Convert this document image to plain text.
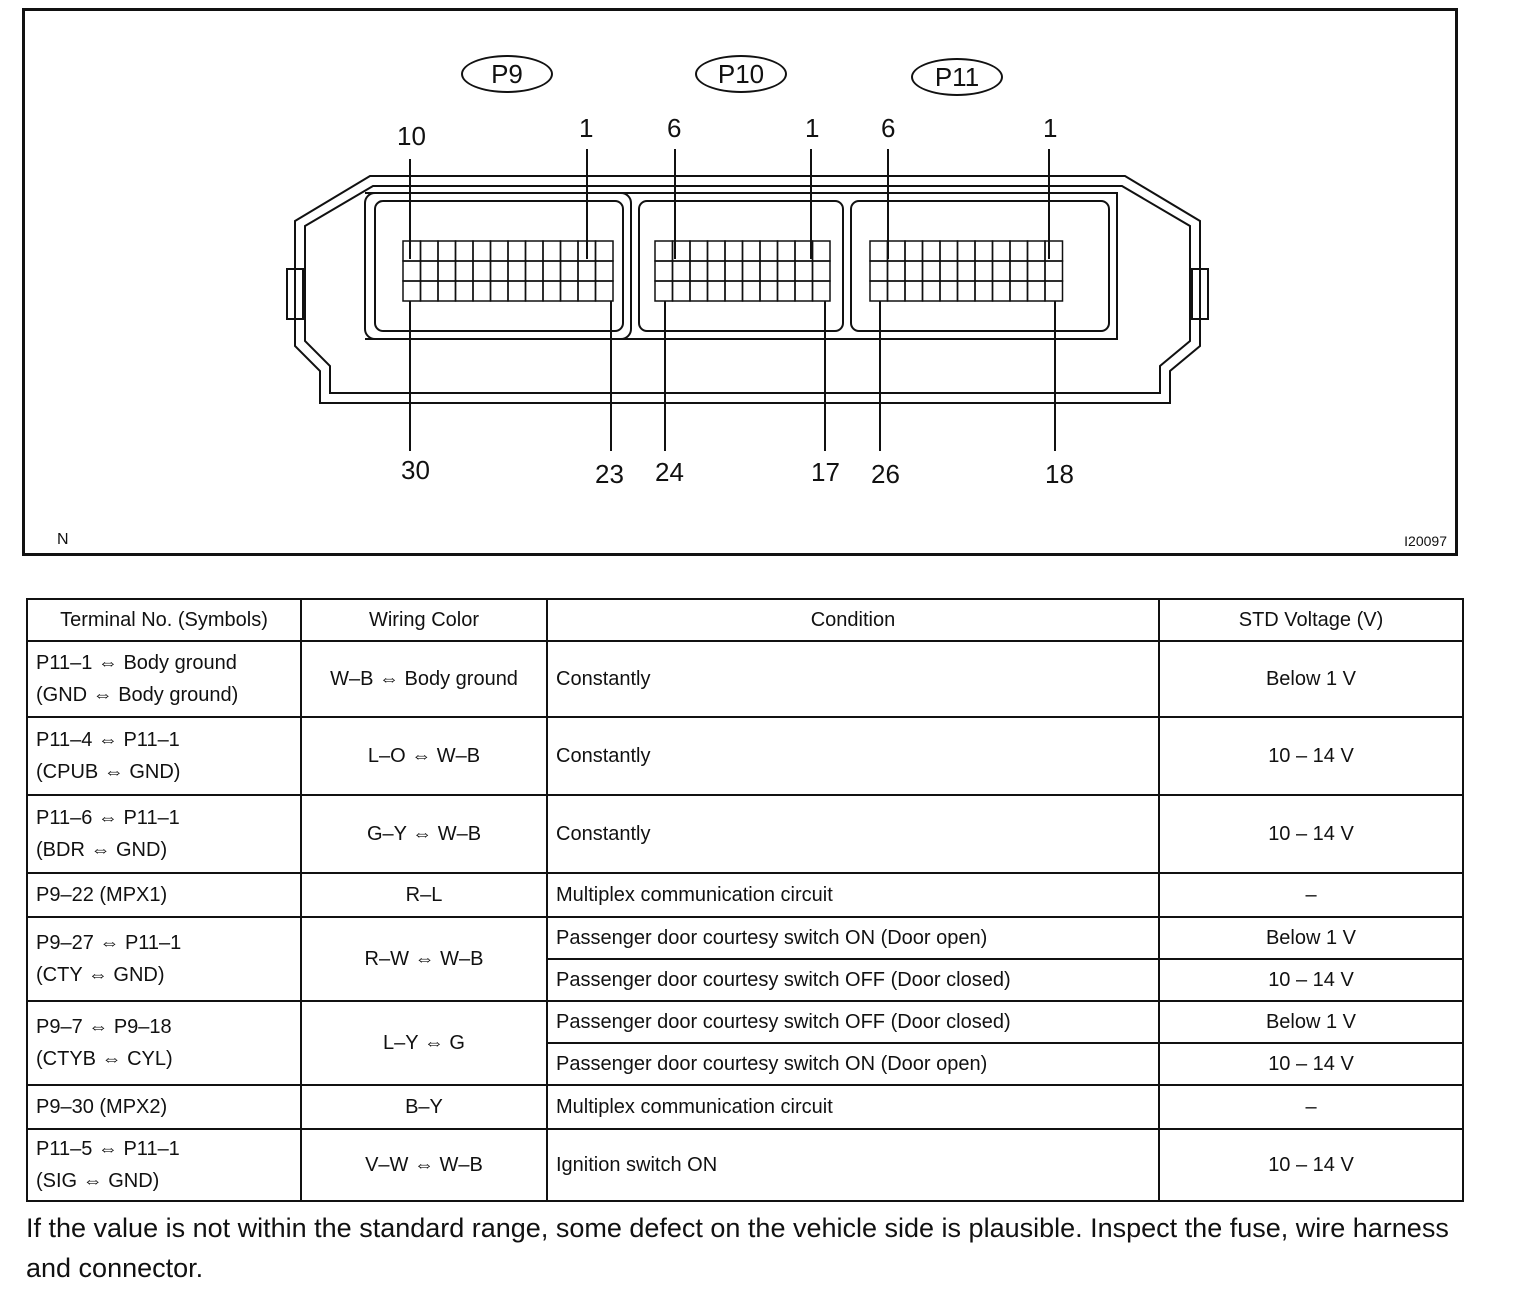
P9	P10	P11
10	1	6	1 6	1
30	23 24	17 26	18
N	I20097
Terminal No. (Symbols)	Wiring Color	Condition	STD Voltage (V)

P11–1 ⇔ Body ground
(GND ⇔ Body ground)	W–B ⇔ Body ground	Constantly	Below 1 V

P11–4 ⇔ P11–1
(CPUB ⇔ GND)	L–O ⇔ W–B	Constantly	10 – 14 V

P11–6 ⇔ P11–1
(BDR ⇔ GND)	G–Y ⇔ W–B	Constantly	10 – 14 V
P9–22 (MPX1)	R–L	Multiplex communication circuit	–

P9–27 ⇔ P11–1
(CTY ⇔ GND)	R–W ⇔ W–B	Passenger door courtesy switch ON (Door open)	Below 1 V
		Passenger door courtesy switch OFF (Door closed)	10 – 14 V

P9–7 ⇔ P9–18
(CTYB ⇔ CYL)	L–Y ⇔ G	Passenger door courtesy switch OFF (Door closed)	Below 1 V
		Passenger door courtesy switch ON (Door open)	10 – 14 V
P9–30 (MPX2)	B–Y	Multiplex communication circuit	–

P11–5 ⇔ P11–1
(SIG ⇔ GND)	V–W ⇔ W–B	Ignition switch ON	10 – 14 V
If the value is not within the standard range, some defect on the vehicle side is plausible. Inspect the fuse, wire harness and connector.
